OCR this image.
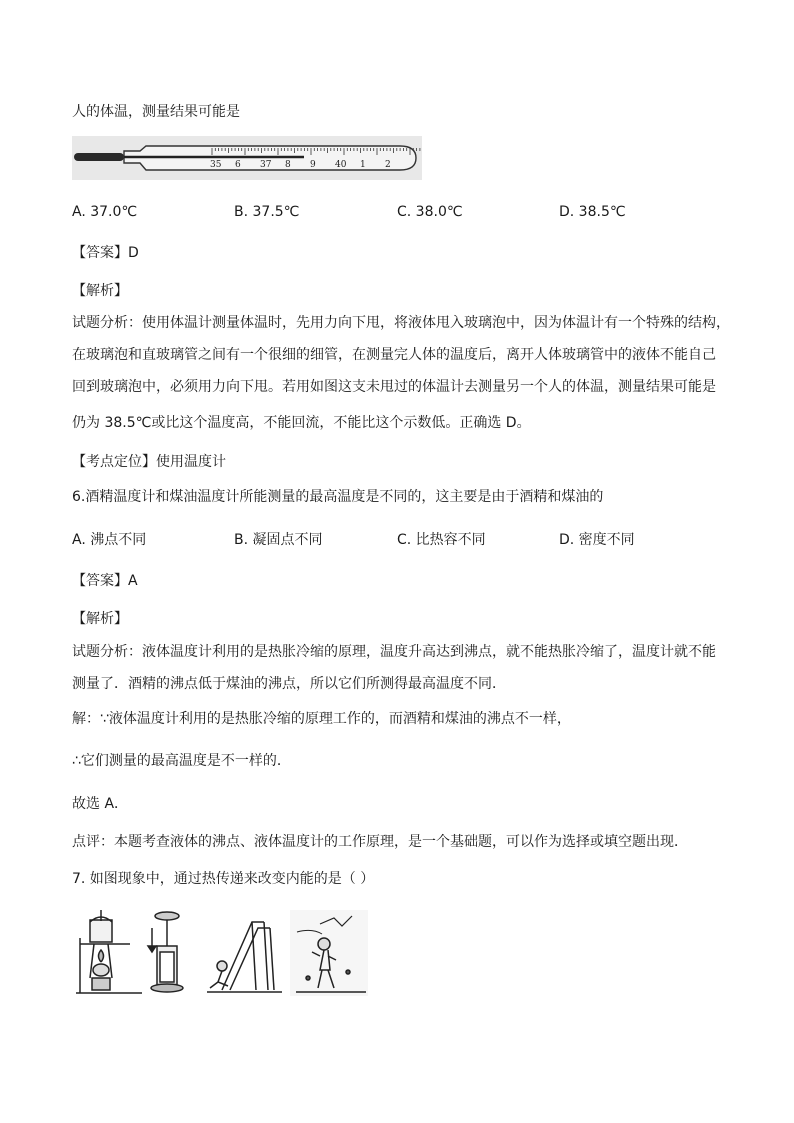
人的体温，测量结果可能是
35 6 37 8 9 40 1 2
A. 37.0℃	B. 37.5℃	C. 38.0℃	D. 38.5℃
【答案】D
【解析】
试题分析：使用体温计测量体温时，先用力向下甩，将液体甩入玻璃泡中，因为体温计有一个特殊的结构，
在玻璃泡和直玻璃管之间有一个很细的细管，在测量完人体的温度后，离开人体玻璃管中的液体不能自己
回到玻璃泡中，必须用力向下甩。若用如图这支未甩过的体温计去测量另一个人的体温，测量结果可能是
仍为 38.5℃或比这个温度高，不能回流，不能比这个示数低。正确选 D。
【考点定位】使用温度计
6.酒精温度计和煤油温度计所能测量的最高温度是不同的，这主要是由于酒精和煤油的
A. 沸点不同	B. 凝固点不同	C. 比热容不同	D. 密度不同
【答案】A
【解析】
试题分析：液体温度计利用的是热胀冷缩的原理，温度升高达到沸点，就不能热胀冷缩了，温度计就不能
测量了．酒精的沸点低于煤油的沸点，所以它们所测得最高温度不同．
解：∵液体温度计利用的是热胀冷缩的原理工作的，而酒精和煤油的沸点不一样，
∴它们测量的最高温度是不一样的．
故选 A．
点评：本题考查液体的沸点、液体温度计的工作原理，是一个基础题，可以作为选择或填空题出现．
7. 如图现象中，通过热传递来改变内能的是（ ）
